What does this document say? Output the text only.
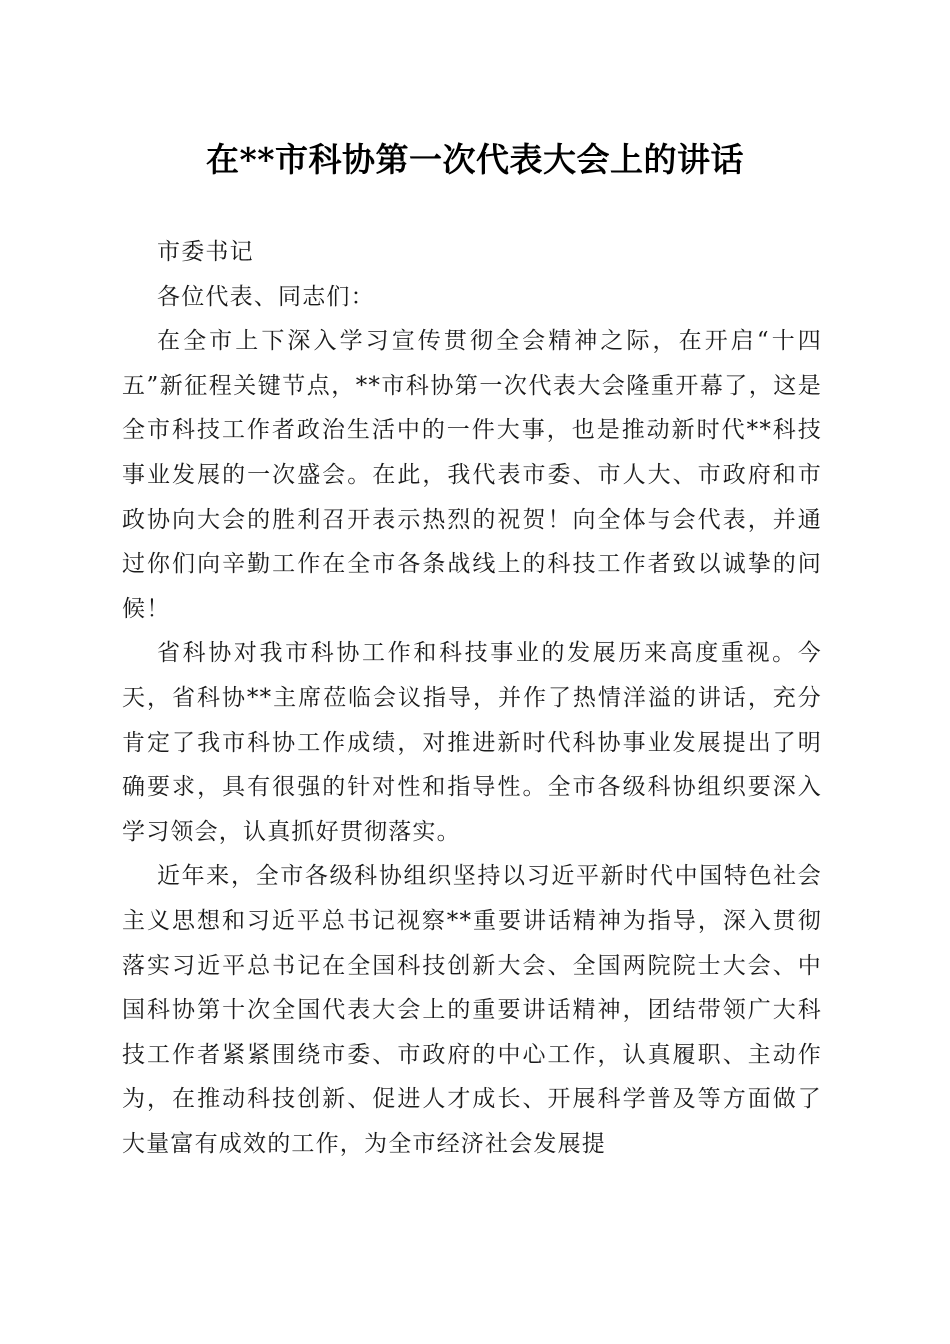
在**市科协第一次代表大会上的讲话

市委书记

各位代表、同志们：

在全市上下深入学习宣传贯彻全会精神之际，在开启“十四五”新征程关键节点，**市科协第一次代表大会隆重开幕了，这是全市科技工作者政治生活中的一件大事，也是推动新时代**科技事业发展的一次盛会。在此，我代表市委、市人大、市政府和市政协向大会的胜利召开表示热烈的祝贺！向全体与会代表，并通过你们向辛勤工作在全市各条战线上的科技工作者致以诚挚的问候！

省科协对我市科协工作和科技事业的发展历来高度重视。今天，省科协**主席莅临会议指导，并作了热情洋溢的讲话，充分肯定了我市科协工作成绩，对推进新时代科协事业发展提出了明确要求，具有很强的针对性和指导性。全市各级科协组织要深入学习领会，认真抓好贯彻落实。

近年来，全市各级科协组织坚持以习近平新时代中国特色社会主义思想和习近平总书记视察**重要讲话精神为指导，深入贯彻落实习近平总书记在全国科技创新大会、全国两院院士大会、中国科协第十次全国代表大会上的重要讲话精神，团结带领广大科技工作者紧紧围绕市委、市政府的中心工作，认真履职、主动作为，在推动科技创新、促进人才成长、开展科学普及等方面做了大量富有成效的工作，为全市经济社会发展提
